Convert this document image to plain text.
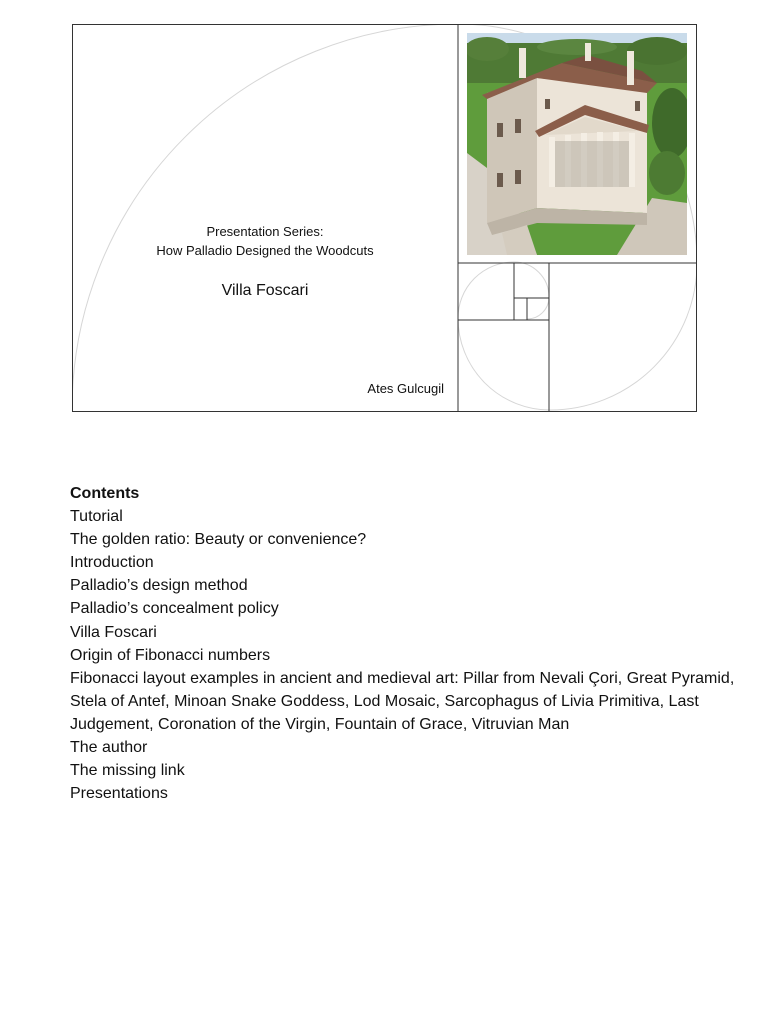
Presentation Series:
How Palladio Designed the Woodcuts
Villa Foscari
Ates Gulcugil
Contents
Tutorial
The golden ratio: Beauty or convenience?
Introduction
Palladio’s design method
Palladio’s concealment policy
Villa Foscari
Origin of Fibonacci numbers
Fibonacci layout examples in ancient and medieval art: Pillar from Nevali Çori, Great Pyramid, Stela of Antef, Minoan Snake Goddess, Lod Mosaic, Sarcophagus of Livia Primitiva, Last Judgement, Coronation of the Virgin, Fountain of Grace, Vitruvian Man
The author
The missing link
Presentations
